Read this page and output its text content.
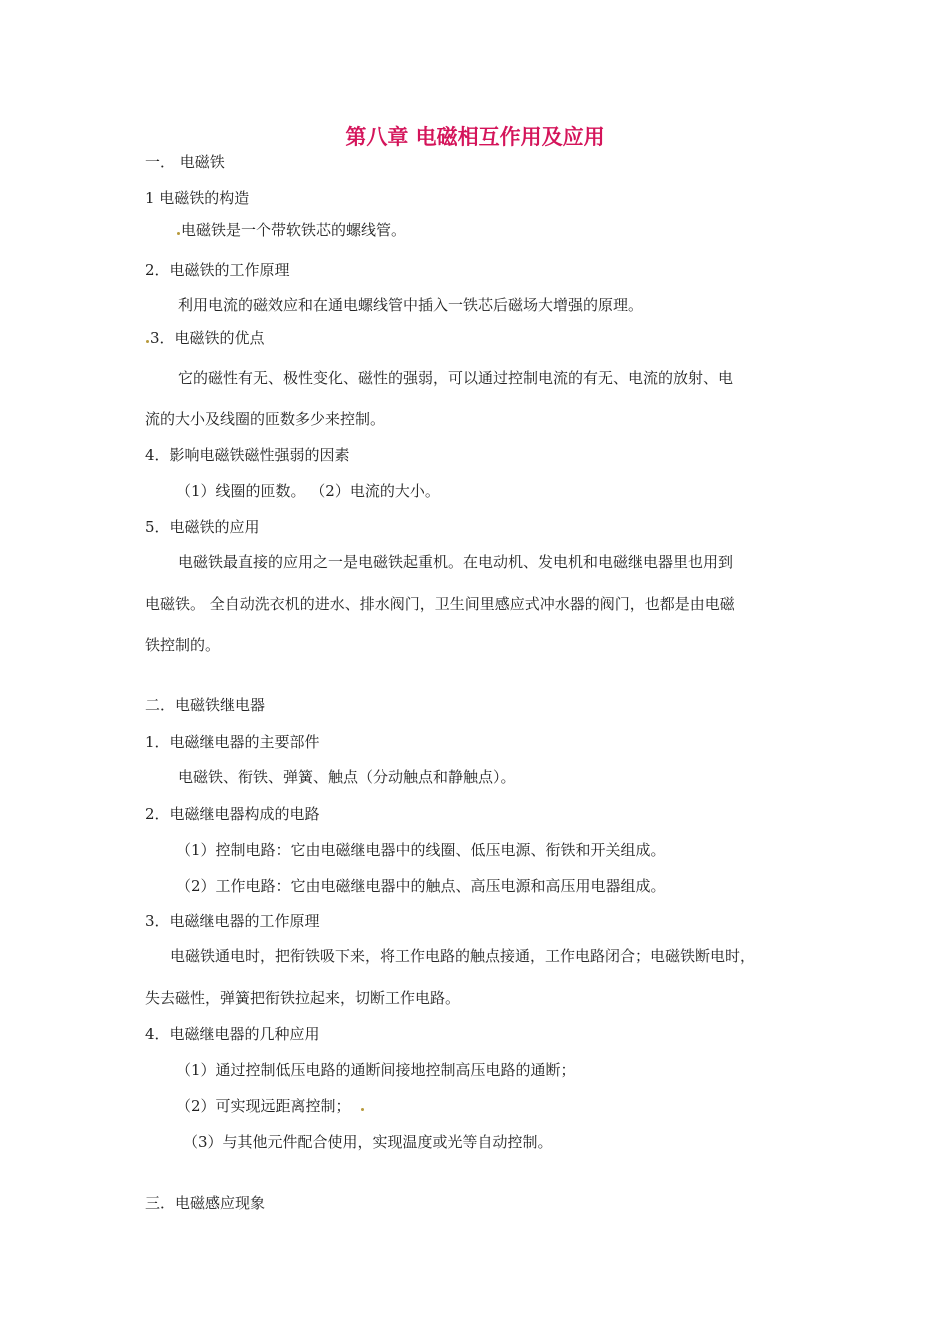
第八章 电磁相互作用及应用
一． 电磁铁
1 电磁铁的构造
电磁铁是一个带软铁芯的螺线管。
2．电磁铁的工作原理
利用电流的磁效应和在通电螺线管中插入一铁芯后磁场大增强的原理。
3．电磁铁的优点
它的磁性有无、极性变化、磁性的强弱，可以通过控制电流的有无、电流的放射、电
流的大小及线圈的匝数多少来控制。
4．影响电磁铁磁性强弱的因素
（1）线圈的匝数。 （2）电流的大小。
5．电磁铁的应用
电磁铁最直接的应用之一是电磁铁起重机。在电动机、发电机和电磁继电器里也用到
电磁铁。 全自动洗衣机的进水、排水阀门，卫生间里感应式冲水器的阀门，也都是由电磁
铁控制的。
二．电磁铁继电器
1．电磁继电器的主要部件
电磁铁、衔铁、弹簧、触点（分动触点和静触点）。
2．电磁继电器构成的电路
（1）控制电路：它由电磁继电器中的线圈、低压电源、衔铁和开关组成。
（2）工作电路：它由电磁继电器中的触点、高压电源和高压用电器组成。
3．电磁继电器的工作原理
电磁铁通电时，把衔铁吸下来，将工作电路的触点接通，工作电路闭合；电磁铁断电时，
失去磁性，弹簧把衔铁拉起来，切断工作电路。
4．电磁继电器的几种应用
（1）通过控制低压电路的通断间接地控制高压电路的通断；
（2）可实现远距离控制；
（3）与其他元件配合使用，实现温度或光等自动控制。
三．电磁感应现象
